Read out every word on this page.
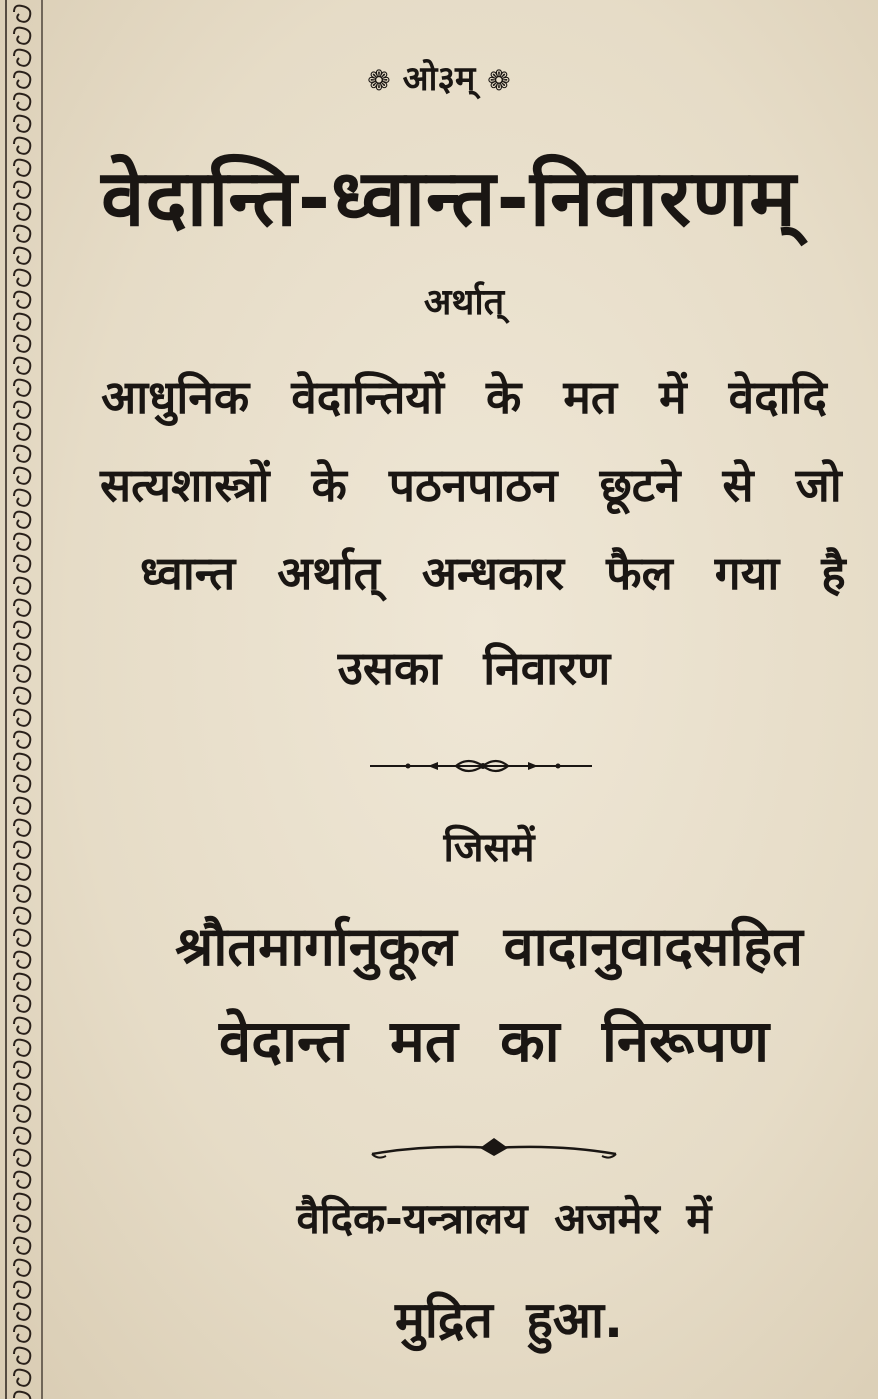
❁ ओ३म् ❁
वेदान्ति-ध्वान्त-निवारणम्
अर्थात्
आधुनिक वेदान्तियों के मत में वेदादि
सत्यशास्त्रों के पठनपाठन छूटने से जो
ध्वान्त अर्थात् अन्धकार फैल गया है
उसका निवारण
जिसमें
श्रौतमार्गानुकूल वादानुवादसहित
वेदान्त मत का निरूपण
वैदिक-यन्त्रालय अजमेर में
मुद्रित हुआ.
